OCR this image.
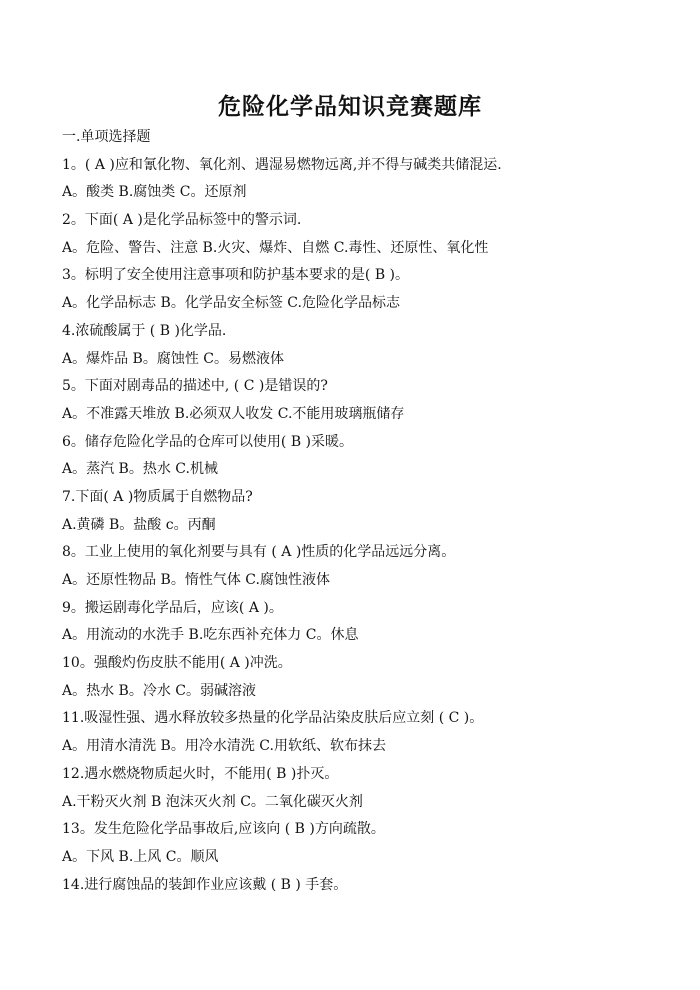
危险化学品知识竞赛题库
一.单项选择题
1。( A )应和氰化物、氧化剂、遇湿易燃物远离,并不得与碱类共储混运.
A。酸类 B.腐蚀类 C。还原剂
2。下面( A )是化学品标签中的警示词.
A。危险、警告、注意 B.火灾、爆炸、自燃 C.毒性、还原性、氧化性
3。标明了安全使用注意事项和防护基本要求的是( B )。
A。化学品标志 B。化学品安全标签 C.危险化学品标志
4.浓硫酸属于 ( B )化学品.
A。爆炸品 B。腐蚀性 C。易燃液体
5。下面对剧毒品的描述中, ( C )是错误的?
A。不准露天堆放 B.必须双人收发 C.不能用玻璃瓶储存
6。储存危险化学品的仓库可以使用( B )采暖。
A。蒸汽 B。热水 C.机械
7.下面( A )物质属于自燃物品?
A.黄磷 B。盐酸 c。丙酮
8。工业上使用的氧化剂要与具有 ( A )性质的化学品远远分离。
A。还原性物品 B。惰性气体 C.腐蚀性液体
9。搬运剧毒化学品后，应该( A )。
A。用流动的水洗手 B.吃东西补充体力 C。休息
10。强酸灼伤皮肤不能用( A )冲洗。
A。热水 B。冷水 C。弱碱溶液
11.吸湿性强、遇水释放较多热量的化学品沾染皮肤后应立刻 ( C )。
A。用清水清洗 B。用冷水清洗 C.用软纸、软布抹去
12.遇水燃烧物质起火时，不能用( B )扑灭。
A.干粉灭火剂 B 泡沫灭火剂 C。二氧化碳灭火剂
13。发生危险化学品事故后,应该向 ( B )方向疏散。
A。下风 B.上风 C。顺风
14.进行腐蚀品的装卸作业应该戴 ( B ) 手套。
